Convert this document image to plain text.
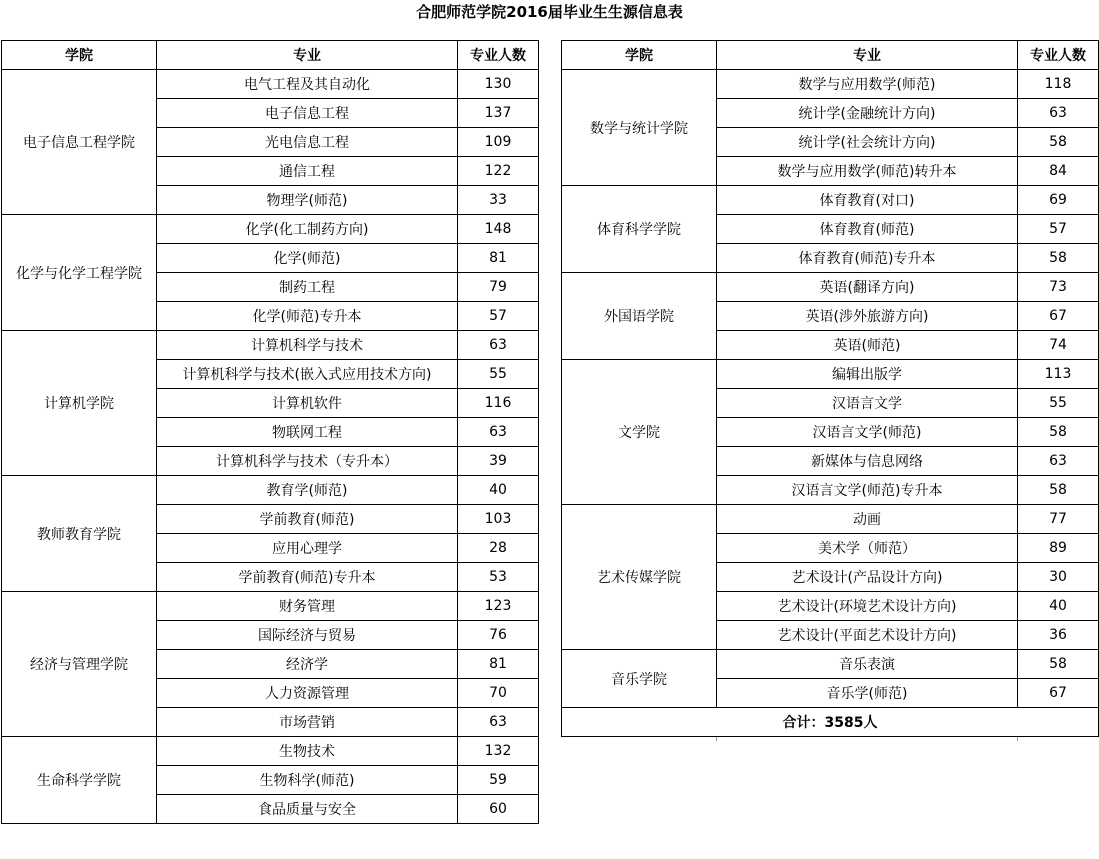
合肥师范学院2016届毕业生生源信息表
学院	专业	专业人数
电子信息工程学院	电气工程及其自动化	130
	电子信息工程	137
	光电信息工程	109
	通信工程	122
	物理学(师范)	33
化学与化学工程学院	化学(化工制药方向)	148
	化学(师范)	81
	制药工程	79
	化学(师范)专升本	57
计算机学院	计算机科学与技术	63
	计算机科学与技术(嵌入式应用技术方向)	55
	计算机软件	116
	物联网工程	63
	计算机科学与技术（专升本）	39
教师教育学院	教育学(师范)	40
	学前教育(师范)	103
	应用心理学	28
	学前教育(师范)专升本	53
经济与管理学院	财务管理	123
	国际经济与贸易	76
	经济学	81
	人力资源管理	70
	市场营销	63
生命科学学院	生物技术	132
	生物科学(师范)	59
	食品质量与安全	60
学院	专业	专业人数
数学与统计学院	数学与应用数学(师范)	118
	统计学(金融统计方向)	63
	统计学(社会统计方向)	58
	数学与应用数学(师范)转升本	84
体育科学学院	体育教育(对口)	69
	体育教育(师范)	57
	体育教育(师范)专升本	58
外国语学院	英语(翻译方向)	73
	英语(涉外旅游方向)	67
	英语(师范)	74
文学院	编辑出版学	113
	汉语言文学	55
	汉语言文学(师范)	58
	新媒体与信息网络	63
	汉语言文学(师范)专升本	58
艺术传媒学院	动画	77
	美术学（师范）	89
	艺术设计(产品设计方向)	30
	艺术设计(环境艺术设计方向)	40
	艺术设计(平面艺术设计方向)	36
音乐学院	音乐表演	58
	音乐学(师范)	67
合计：3585人		
